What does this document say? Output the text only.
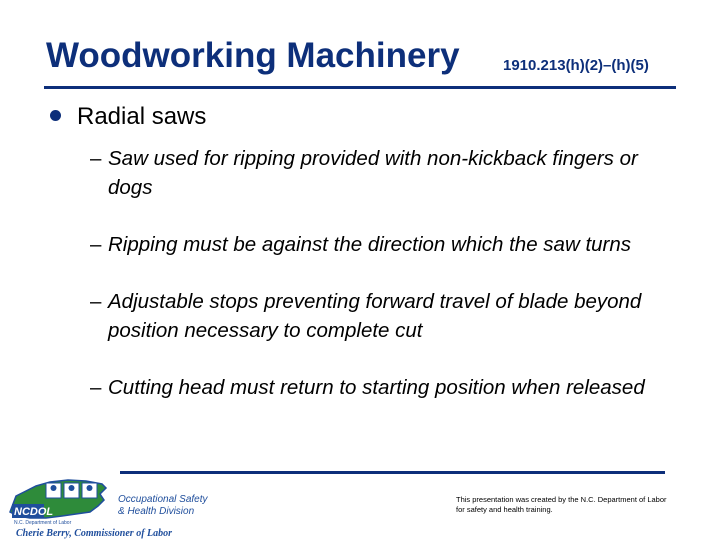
Woodworking Machinery	1910.213(h)(2)–(h)(5)
Radial saws
– Saw used for ripping provided with non-kickback fingers or dogs
– Ripping must be against the direction which the saw turns
– Adjustable stops preventing forward travel of blade beyond position necessary to complete cut
– Cutting head must return to starting position when released
NCDOL
N.C. Department of Labor
Occupational Safety
& Health Division
Cherie Berry, Commissioner of Labor
This presentation was created by the N.C. Department of Labor for safety and health training.
